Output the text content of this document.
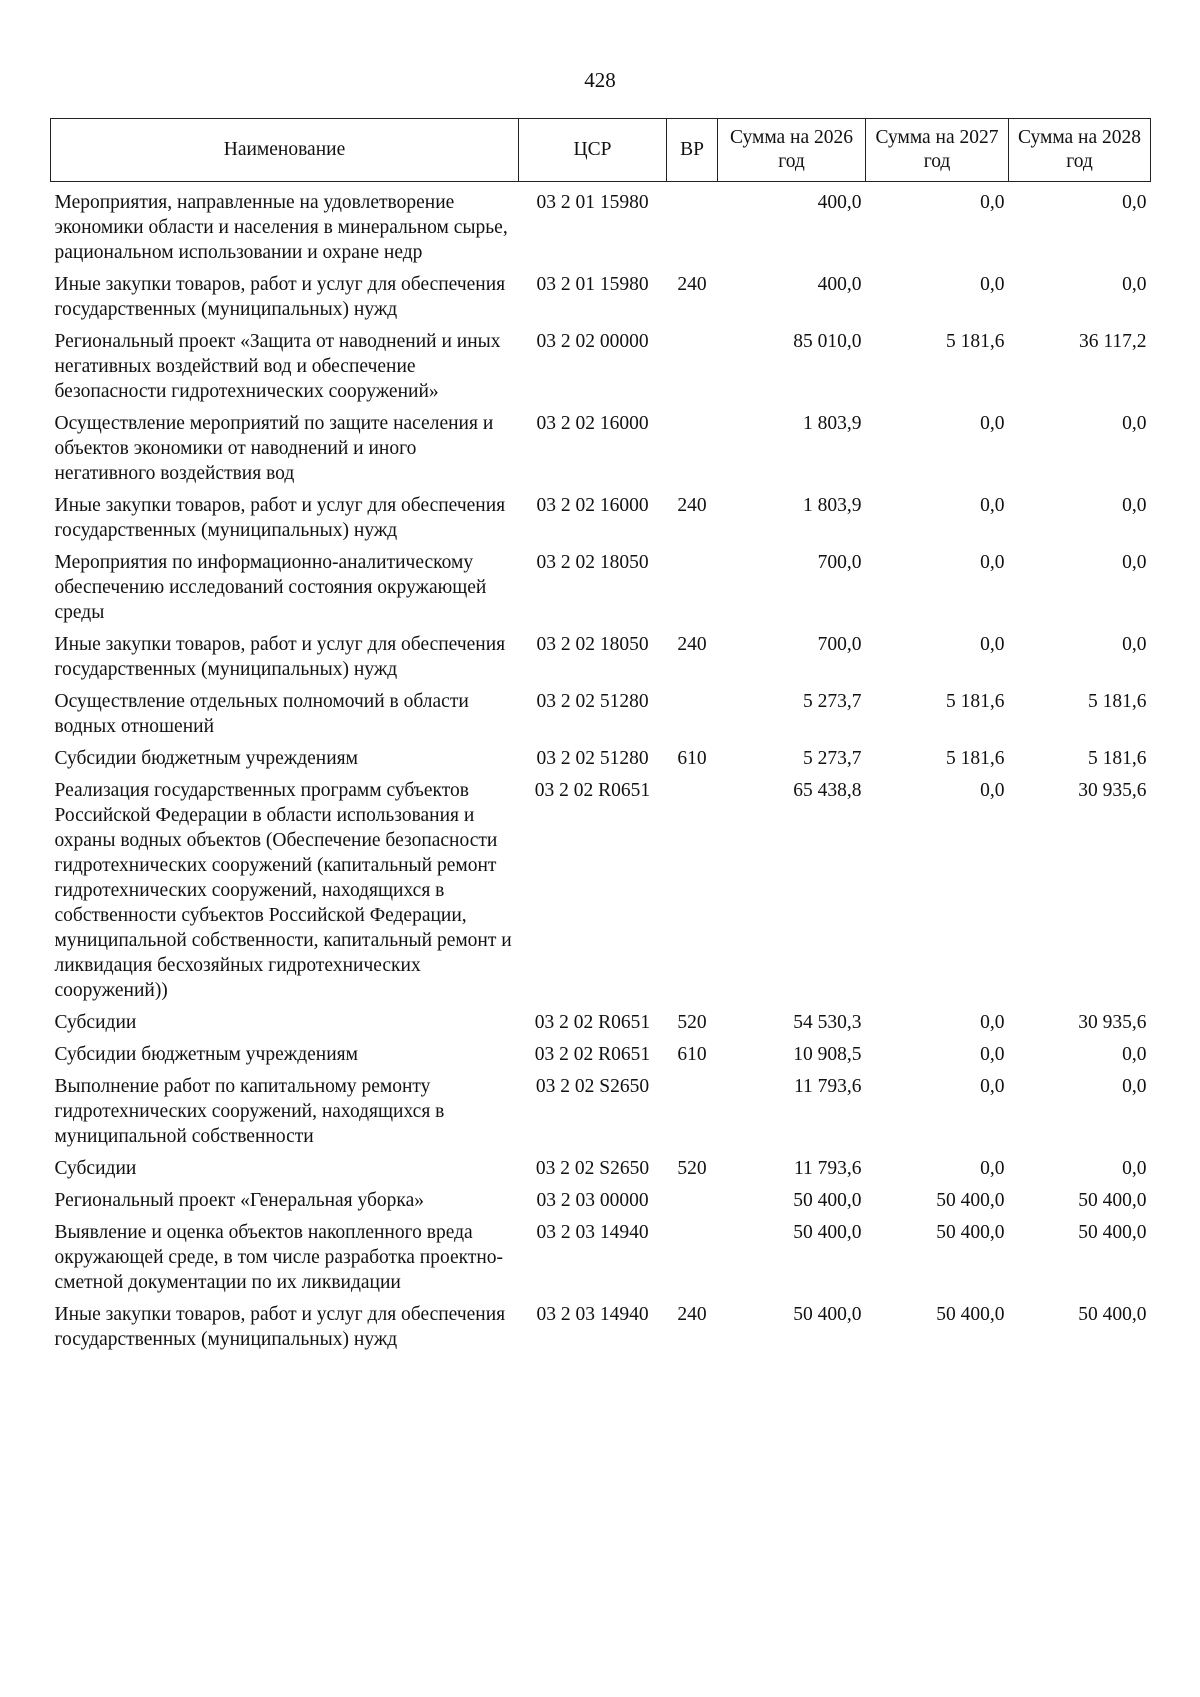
428
Наименование	ЦСР	ВР	Сумма на 2026 год	Сумма на 2027 год	Сумма на 2028 год
Мероприятия, направленные на удовлетворение экономики области и населения в минеральном сырье, рациональном использовании и охране недр	03 2 01 15980		400,0	0,0	0,0
Иные закупки товаров, работ и услуг для обеспечения государственных (муниципальных) нужд	03 2 01 15980	240	400,0	0,0	0,0
Региональный проект «Защита от наводнений и иных негативных воздействий вод и обеспечение безопасности гидротехнических сооружений»	03 2 02 00000		85 010,0	5 181,6	36 117,2
Осуществление мероприятий по защите населения и объектов экономики от наводнений и иного негативного воздействия вод	03 2 02 16000		1 803,9	0,0	0,0
Иные закупки товаров, работ и услуг для обеспечения государственных (муниципальных) нужд	03 2 02 16000	240	1 803,9	0,0	0,0
Мероприятия по информационно-аналитическому обеспечению исследований состояния окружающей среды	03 2 02 18050		700,0	0,0	0,0
Иные закупки товаров, работ и услуг для обеспечения государственных (муниципальных) нужд	03 2 02 18050	240	700,0	0,0	0,0
Осуществление отдельных полномочий в области водных отношений	03 2 02 51280		5 273,7	5 181,6	5 181,6
Субсидии бюджетным учреждениям	03 2 02 51280	610	5 273,7	5 181,6	5 181,6
Реализация государственных программ субъектов Российской Федерации в области использования и охраны водных объектов (Обеспечение безопасности гидротехнических сооружений (капитальный ремонт гидротехнических сооружений, находящихся в собственности субъектов Российской Федерации, муниципальной собственности, капитальный ремонт и ликвидация бесхозяйных гидротехнических сооружений))	03 2 02 R0651		65 438,8	0,0	30 935,6
Субсидии	03 2 02 R0651	520	54 530,3	0,0	30 935,6
Субсидии бюджетным учреждениям	03 2 02 R0651	610	10 908,5	0,0	0,0
Выполнение работ по капитальному ремонту гидротехнических сооружений, находящихся в муниципальной собственности	03 2 02 S2650		11 793,6	0,0	0,0
Субсидии	03 2 02 S2650	520	11 793,6	0,0	0,0
Региональный проект «Генеральная уборка»	03 2 03 00000		50 400,0	50 400,0	50 400,0
Выявление и оценка объектов накопленного вреда окружающей среде, в том числе разработка проектно-сметной документации по их ликвидации	03 2 03 14940		50 400,0	50 400,0	50 400,0
Иные закупки товаров, работ и услуг для обеспечения государственных (муниципальных) нужд	03 2 03 14940	240	50 400,0	50 400,0	50 400,0
